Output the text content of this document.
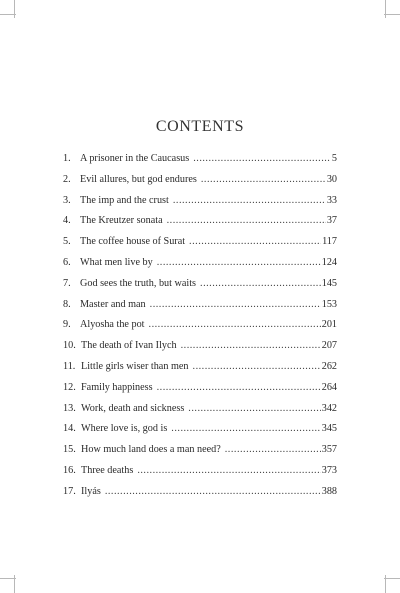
CONTENTS
1. A prisoner in the Caucasus .....	5
2. Evil allures, but god endures .....	30
3. The imp and the crust .....	33
4. The Kreutzer sonata .....	37
5. The coffee house of Surat .....	117
6. What men live by .....	124
7. God sees the truth, but waits .....	145
8. Master and man .....	153
9. Alyosha the pot .....	201
10. The death of Ivan Ilych .....	207
11. Little girls wiser than men .....	262
12. Family happiness .....	264
13. Work, death and sickness .....	342
14. Where love is, god is .....	345
15. How much land does a man need? .....	357
16. Three deaths .....	373
17. Ilyás .....	388
